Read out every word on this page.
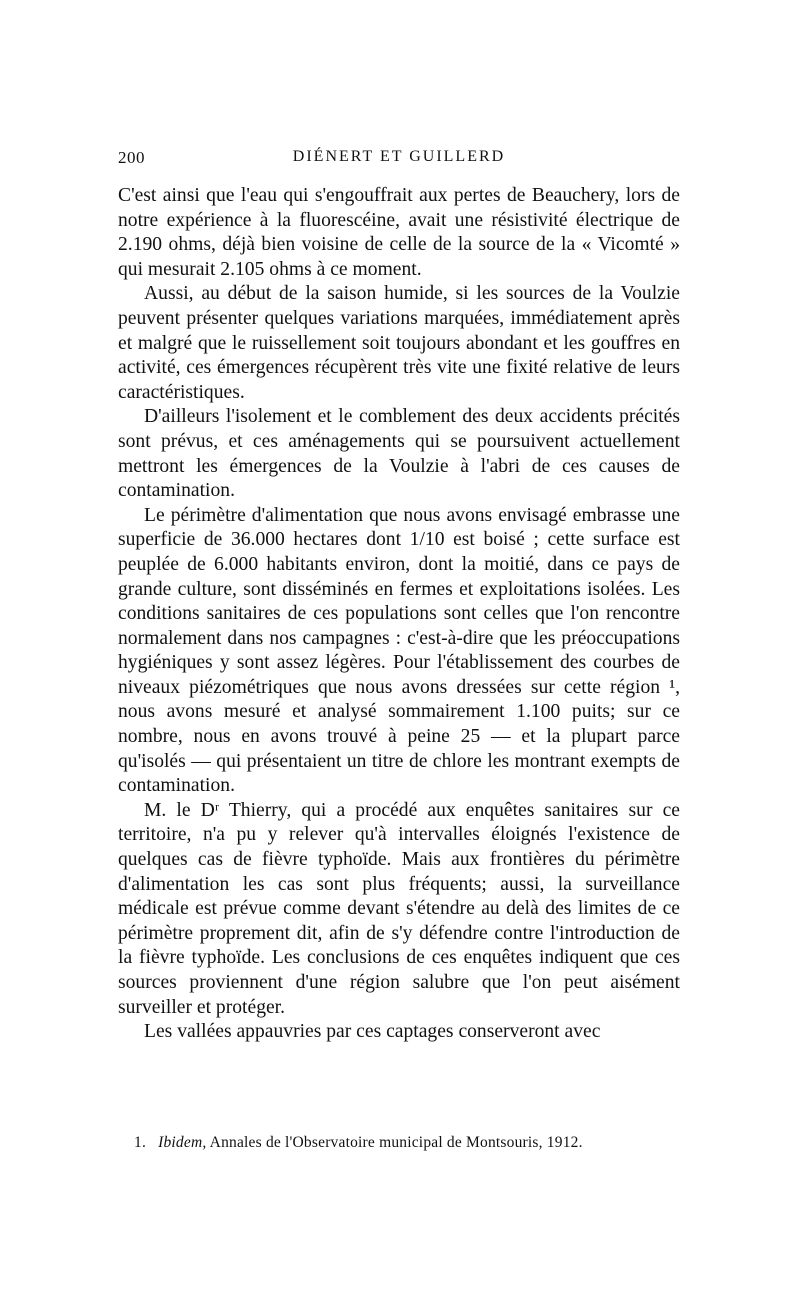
200	DIÉNERT ET GUILLERD

C'est ainsi que l'eau qui s'engouffrait aux pertes de Beauchery, lors de notre expérience à la fluorescéine, avait une résistivité électrique de 2.190 ohms, déjà bien voisine de celle de la source de la « Vicomté » qui mesurait 2.105 ohms à ce moment.

Aussi, au début de la saison humide, si les sources de la Voulzie peuvent présenter quelques variations marquées, immédiatement après et malgré que le ruissellement soit toujours abondant et les gouffres en activité, ces émergences récupèrent très vite une fixité relative de leurs caractéristiques.

D'ailleurs l'isolement et le comblement des deux accidents précités sont prévus, et ces aménagements qui se poursuivent actuellement mettront les émergences de la Voulzie à l'abri de ces causes de contamination.

Le périmètre d'alimentation que nous avons envisagé embrasse une superficie de 36.000 hectares dont 1/10 est boisé ; cette surface est peuplée de 6.000 habitants environ, dont la moitié, dans ce pays de grande culture, sont disséminés en fermes et exploitations isolées. Les conditions sanitaires de ces populations sont celles que l'on rencontre normalement dans nos campagnes : c'est-à-dire que les préoccupations hygiéniques y sont assez légères. Pour l'établissement des courbes de niveaux piézométriques que nous avons dressées sur cette région ¹, nous avons mesuré et analysé sommairement 1.100 puits; sur ce nombre, nous en avons trouvé à peine 25 — et la plupart parce qu'isolés — qui présentaient un titre de chlore les montrant exempts de contamination.

M. le Dʳ Thierry, qui a procédé aux enquêtes sanitaires sur ce territoire, n'a pu y relever qu'à intervalles éloignés l'existence de quelques cas de fièvre typhoïde. Mais aux frontières du périmètre d'alimentation les cas sont plus fréquents; aussi, la surveillance médicale est prévue comme devant s'étendre au delà des limites de ce périmètre proprement dit, afin de s'y défendre contre l'introduction de la fièvre typhoïde. Les conclusions de ces enquêtes indiquent que ces sources proviennent d'une région salubre que l'on peut aisément surveiller et protéger.

Les vallées appauvries par ces captages conserveront avec

1. Ibidem, Annales de l'Observatoire municipal de Montsouris, 1912.
